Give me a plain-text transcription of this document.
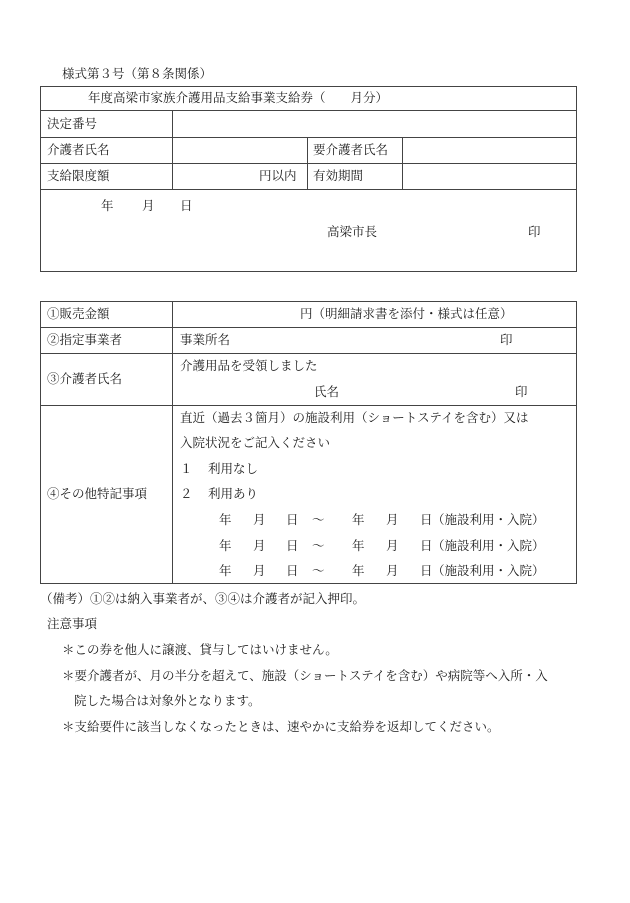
様式第３号（第８条関係）
年度高梁市家族介護用品支給事業支給券（　　月分）
決定番号
介護者氏名	要介護者氏名
支給限度額	円以内 有効期間
年 月 日
高梁市長	印
①販売金額	円（明細請求書を添付・様式は任意）
②指定事業者	事業所名	印
③介護者氏名
介護用品を受領しました
氏名	印
④その他特記事項
直近（過去３箇月）の施設利用（ショートステイを含む）又は
入院状況をご記入ください
１ 利用なし
２ 利用あり
年 月 日 ～ 年 月 日 （施設利用・入院）
年 月 日 ～ 年 月 日 （施設利用・入院）
年 月 日 ～ 年 月 日 （施設利用・入院）
（備考）①②は納入事業者が、③④は介護者が記入押印。
注意事項
＊この券を他人に譲渡、貸与してはいけません。
＊要介護者が、月の半分を超えて、施設（ショートステイを含む）や病院等へ入所・入
院した場合は対象外となります。
＊支給要件に該当しなくなったときは、速やかに支給券を返却してください。
